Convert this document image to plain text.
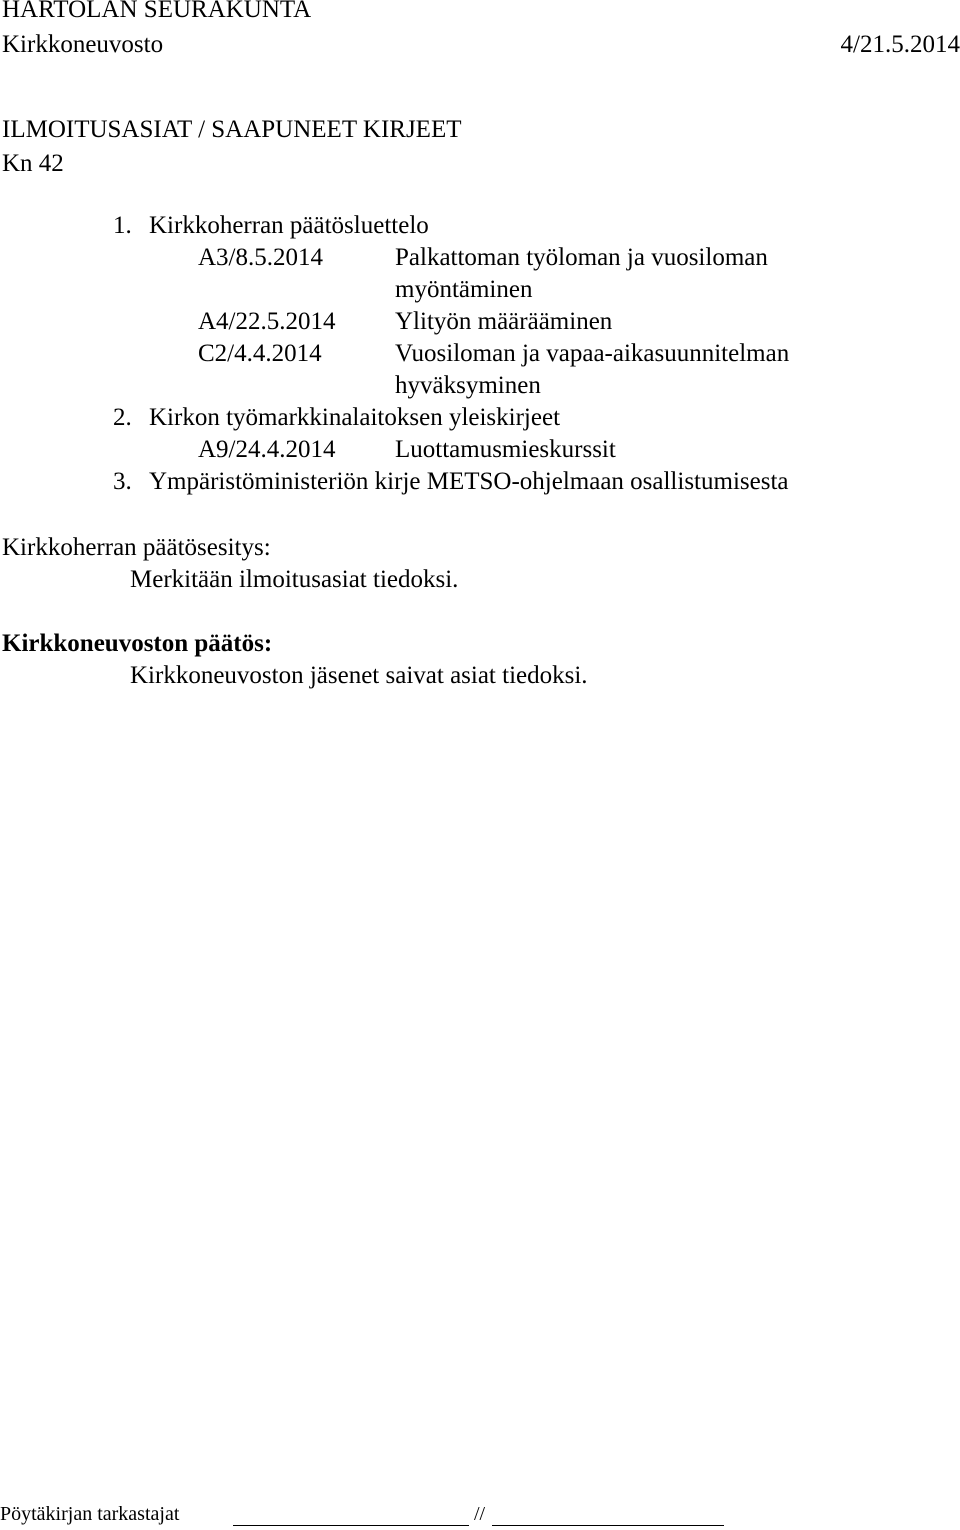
HARTOLAN SEURAKUNTA
Kirkkoneuvosto	4/21.5.2014
ILMOITUSASIAT / SAAPUNEET KIRJEET
Kn 42
1. Kirkkoherran päätösluettelo
A3/8.5.2014	Palkattoman työloman ja vuosiloman
myöntäminen
A4/22.5.2014 Ylityön määrääminen
C2/4.4.2014	Vuosiloman ja vapaa-aikasuunnitelman
hyväksyminen
2. Kirkon työmarkkinalaitoksen yleiskirjeet
A9/24.4.2014 Luottamusmieskurssit
3. Ympäristöministeriön kirje METSO-ohjelmaan osallistumisesta
Kirkkoherran päätösesitys:
Merkitään ilmoitusasiat tiedoksi.
Kirkkoneuvoston päätös:
Kirkkoneuvoston jäsenet saivat asiat tiedoksi.
Pöytäkirjan tarkastajat	//
